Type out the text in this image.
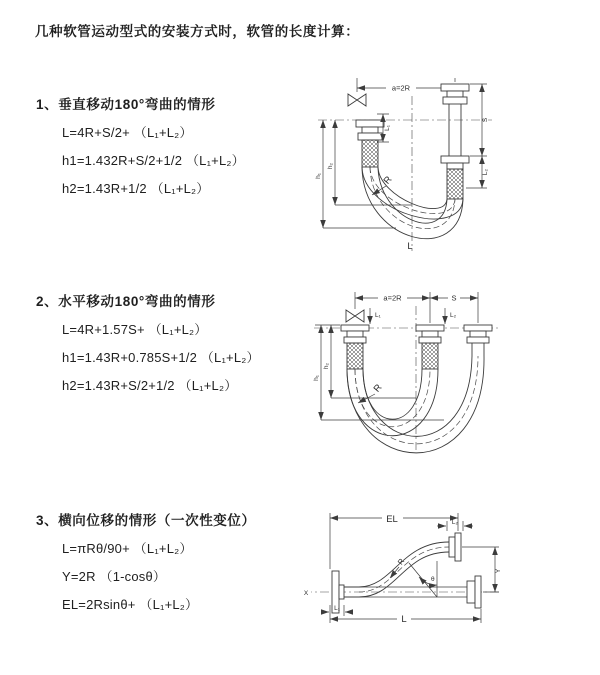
几种软管运动型式的安装方式时，软管的长度计算：
1、垂直移动180°弯曲的情形
L=4R+S/2+ （L₁+L₂）
h1=1.432R+S/2+1/2 （L₁+L₂）
h2=1.43R+1/2 （L₁+L₂）
2、水平移动180°弯曲的情形
L=4R+1.57S+ （L₁+L₂）
h1=1.43R+0.785S+1/2 （L₁+L₂）
h2=1.43R+S/2+1/2 （L₁+L₂）
3、横向位移的情形（一次性变位）
L=πRθ/90+ （L₁+L₂）
Y=2R （1-cosθ）
EL=2Rsinθ+ （L₁+L₂）
a=2R
h₁
h₂
L₁
S
L₂
R
L
a=2R	S
L₁	L₂
h₂
h₁
R
X
EL	L₂
Y
θ
R
L₁
L
